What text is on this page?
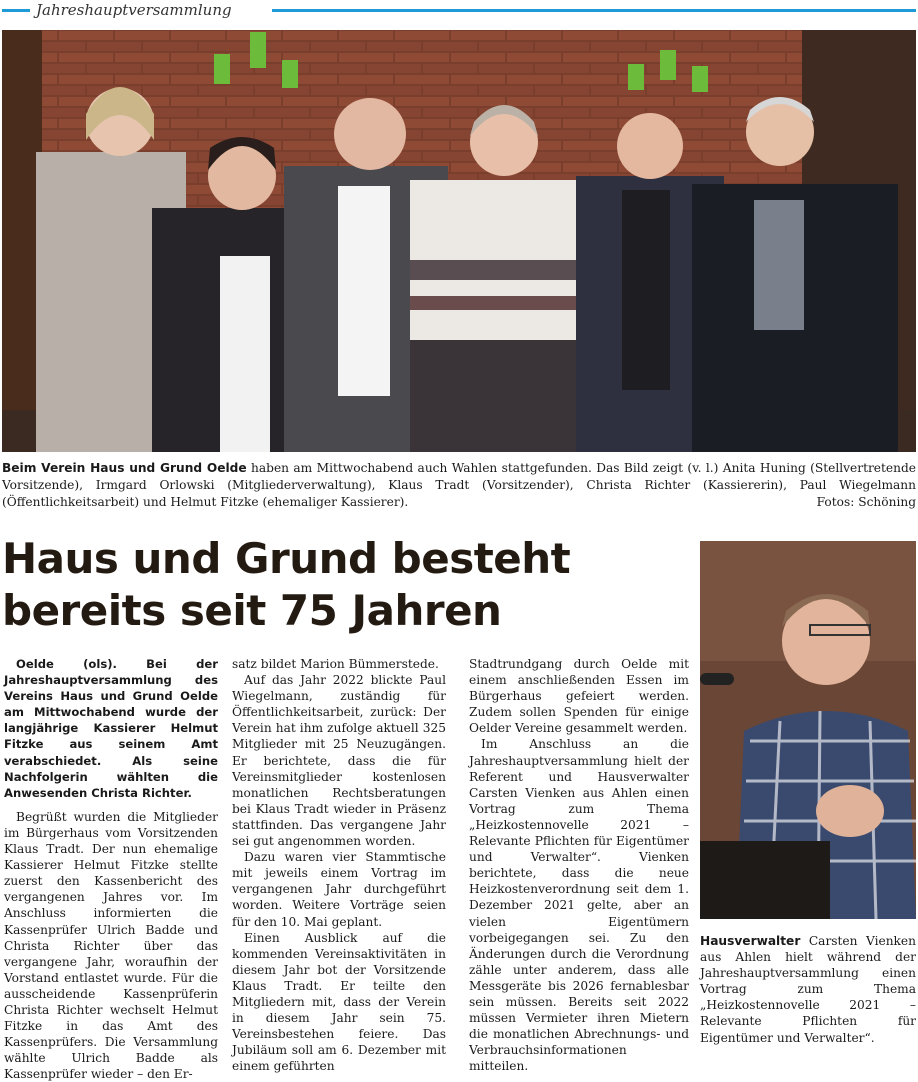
Jahreshauptversammlung
Beim Verein Haus und Grund Oelde haben am Mittwochabend auch Wahlen stattgefunden. Das Bild zeigt (v. l.) Anita Huning (Stellvertretende Vorsitzende), Irmgard Orlowski (Mitgliederverwaltung), Klaus Tradt (Vorsitzender), Christa Richter (Kassiererin), Paul Wiegelmann (Öffentlichkeitsarbeit) und Helmut Fitzke (ehemaliger Kassierer).	Fotos: Schöning
Haus und Grund besteht
bereits seit 75 Jahren

Oelde (ols). Bei der Jahreshauptversammlung des Vereins Haus und Grund Oelde am Mittwochabend wurde der langjährige Kassierer Helmut Fitzke aus seinem Amt verabschiedet. Als seine Nachfolgerin wählten die Anwesenden Christa Richter.

Begrüßt wurden die Mitglieder im Bürgerhaus vom Vorsitzenden Klaus Tradt. Der nun ehemalige Kassierer Helmut Fitzke stellte zuerst den Kassenbericht des vergangenen Jahres vor. Im Anschluss informierten die Kassenprüfer Ulrich Badde und Christa Richter über das vergangene Jahr, woraufhin der Vorstand entlastet wurde. Für die ausscheidende Kassenprüferin Christa Richter wechselt Helmut Fitzke in das Amt des Kassenprüfers. Die Versammlung wählte Ulrich Badde als Kassenprüfer wieder – den Er-

satz bildet Marion Bümmerstede.

Auf das Jahr 2022 blickte Paul Wiegelmann, zuständig für Öffentlichkeitsarbeit, zurück: Der Verein hat ihm zufolge aktuell 325 Mitglieder mit 25 Neuzugängen. Er berichtete, dass die für Vereinsmitglieder kostenlosen monatlichen Rechtsberatungen bei Klaus Tradt wieder in Präsenz stattfinden. Das vergangene Jahr sei gut angenommen worden.

Dazu waren vier Stammtische mit jeweils einem Vortrag im vergangenen Jahr durchgeführt worden. Weitere Vorträge seien für den 10. Mai geplant.

Einen Ausblick auf die kommenden Vereinsaktivitäten in diesem Jahr bot der Vorsitzende Klaus Tradt. Er teilte den Mitgliedern mit, dass der Verein in diesem Jahr sein 75. Vereinsbestehen feiere. Das Jubiläum soll am 6. Dezember mit einem geführten

Stadtrundgang durch Oelde mit einem anschließenden Essen im Bürgerhaus gefeiert werden. Zudem sollen Spenden für einige Oelder Vereine gesammelt werden.

Im Anschluss an die Jahreshauptversammlung hielt der Referent und Hausverwalter Carsten Vienken aus Ahlen einen Vortrag zum Thema „Heizkostennovelle 2021 – Relevante Pflichten für Eigentümer und Verwalter“. Vienken berichtete, dass die neue Heizkostenverordnung seit dem 1. Dezember 2021 gelte, aber an vielen Eigentümern vorbeigegangen sei. Zu den Änderungen durch die Verordnung zähle unter anderem, dass alle Messgeräte bis 2026 fernablesbar sein müssen. Bereits seit 2022 müssen Vermieter ihren Mietern die monatlichen Abrechnungs- und Verbrauchsinformationen mitteilen.

Hausverwalter Carsten Vienken aus Ahlen hielt während der Jahreshauptversammlung einen Vortrag zum Thema „Heizkostennovelle 2021 – Relevante Pflichten für Eigentümer und Verwalter“.
